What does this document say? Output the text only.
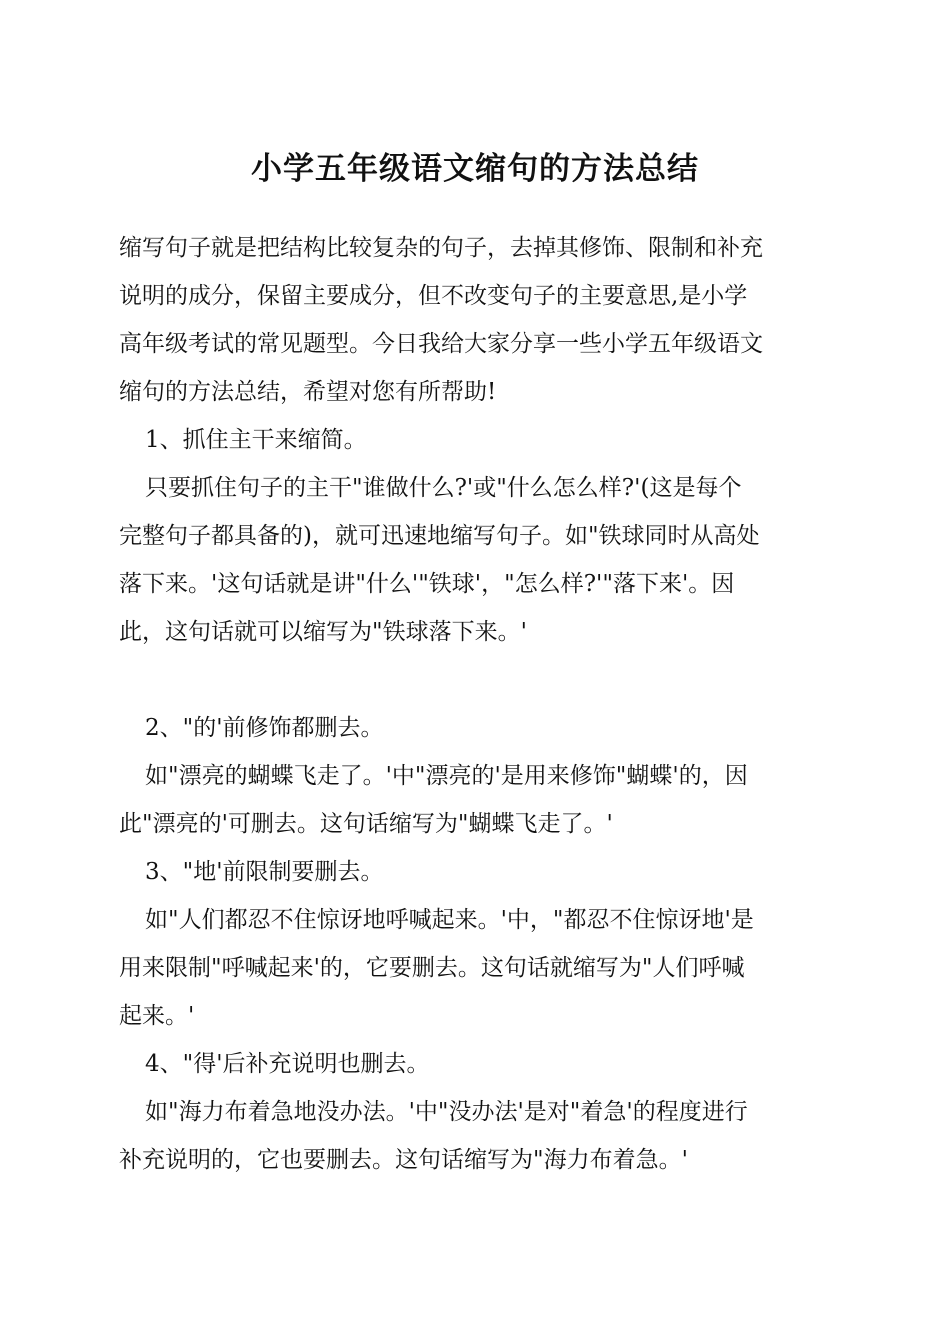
小学五年级语文缩句的方法总结

缩写句子就是把结构比较复杂的句子，去掉其修饰、限制和补充
说明的成分，保留主要成分，但不改变句子的主要意思,是小学
高年级考试的常见题型。今日我给大家分享一些小学五年级语文
缩句的方法总结，希望对您有所帮助!

1、抓住主干来缩简。
只要抓住句子的主干"谁做什么?'或"什么怎么样?'(这是每个
完整句子都具备的)，就可迅速地缩写句子。如"铁球同时从高处
落下来。'这句话就是讲"什么'"铁球'，"怎么样?'"落下来'。因
此，这句话就可以缩写为"铁球落下来。'

2、"的'前修饰都删去。
如"漂亮的蝴蝶飞走了。'中"漂亮的'是用来修饰"蝴蝶'的，因
此"漂亮的'可删去。这句话缩写为"蝴蝶飞走了。'

3、"地'前限制要删去。
如"人们都忍不住惊讶地呼喊起来。'中，"都忍不住惊讶地'是
用来限制"呼喊起来'的，它要删去。这句话就缩写为"人们呼喊
起来。'

4、"得'后补充说明也删去。
如"海力布着急地没办法。'中"没办法'是对"着急'的程度进行
补充说明的，它也要删去。这句话缩写为"海力布着急。'
